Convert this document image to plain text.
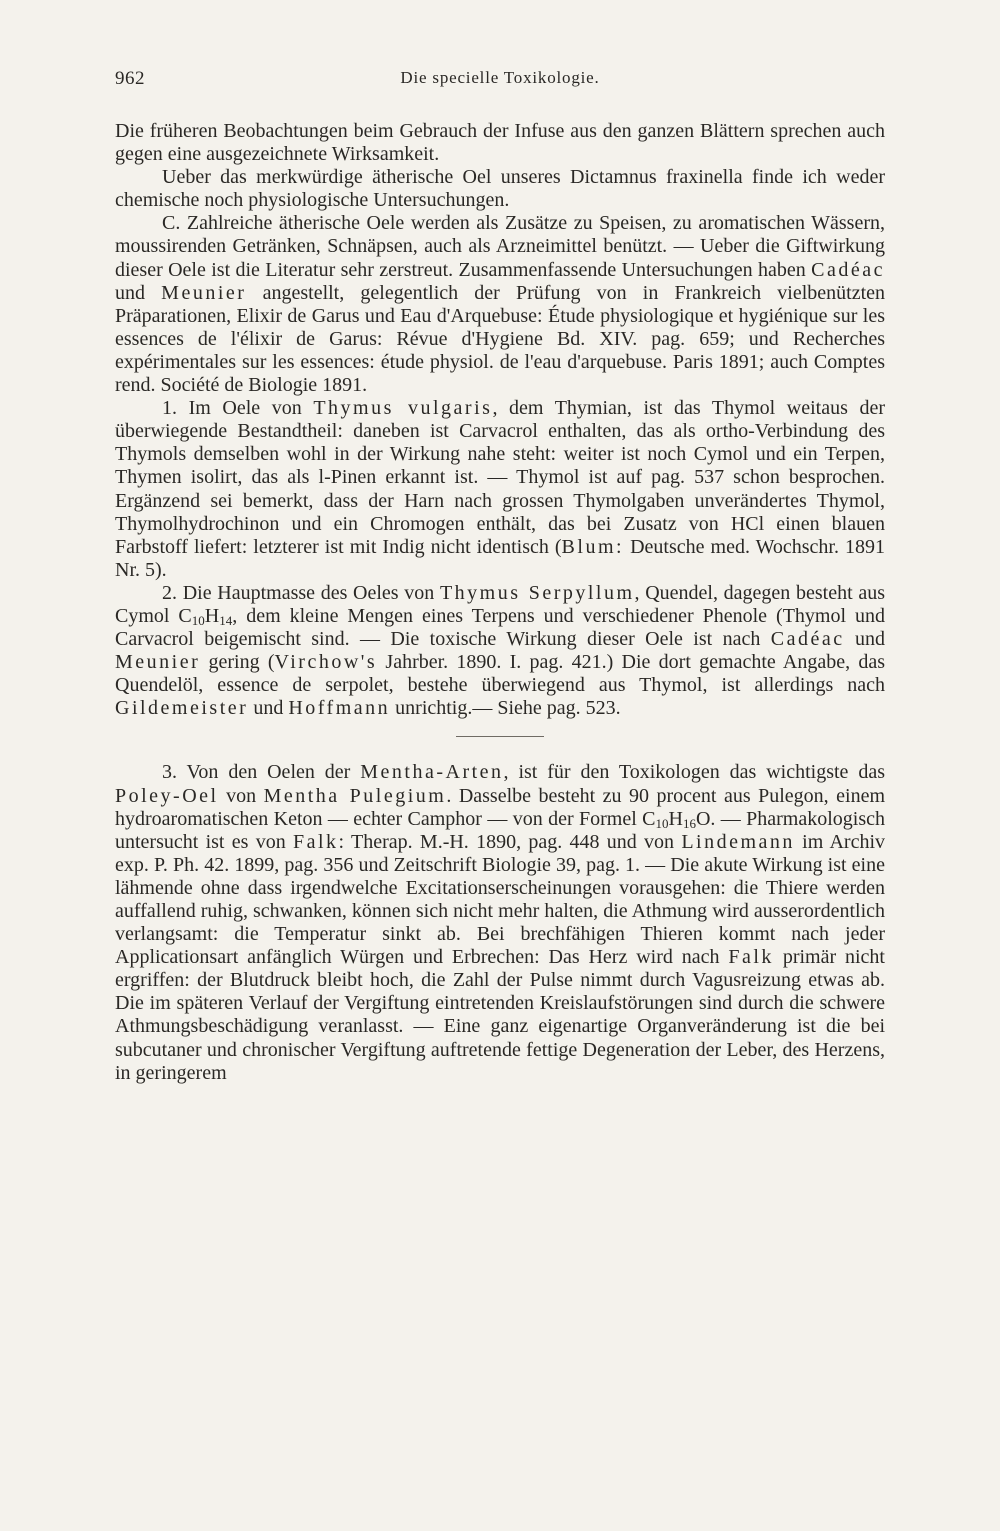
962	Die specielle Toxikologie.

Die früheren Beobachtungen beim Gebrauch der Infuse aus den ganzen Blättern sprechen auch gegen eine ausgezeichnete Wirksamkeit.

Ueber das merkwürdige ätherische Oel unseres Dictamnus fraxinella finde ich weder chemische noch physiologische Untersuchungen.

C. Zahlreiche ätherische Oele werden als Zusätze zu Speisen, zu aromatischen Wässern, moussirenden Getränken, Schnäpsen, auch als Arzneimittel benützt. — Ueber die Giftwirkung dieser Oele ist die Literatur sehr zerstreut. Zusammenfassende Untersuchungen haben Cadéac und Meunier angestellt, gelegentlich der Prüfung von in Frankreich vielbenützten Präparationen, Elixir de Garus und Eau d'Arquebuse: Étude physiologique et hygiénique sur les essences de l'élixir de Garus: Révue d'Hygiene Bd. XIV. pag. 659; und Recherches expérimentales sur les essences: étude physiol. de l'eau d'arquebuse. Paris 1891; auch Comptes rend. Société de Biologie 1891.

1. Im Oele von Thymus vulgaris, dem Thymian, ist das Thymol weitaus der überwiegende Bestandtheil: daneben ist Carvacrol enthalten, das als ortho-Verbindung des Thymols demselben wohl in der Wirkung nahe steht: weiter ist noch Cymol und ein Terpen, Thymen isolirt, das als l-Pinen erkannt ist. — Thymol ist auf pag. 537 schon besprochen. Ergänzend sei bemerkt, dass der Harn nach grossen Thymolgaben unverändertes Thymol, Thymolhydrochinon und ein Chromogen enthält, das bei Zusatz von HCl einen blauen Farbstoff liefert: letzterer ist mit Indig nicht identisch (Blum: Deutsche med. Wochschr. 1891 Nr. 5).

2. Die Hauptmasse des Oeles von Thymus Serpyllum, Quendel, dagegen besteht aus Cymol $C_{10}H_{14}$, dem kleine Mengen eines Terpens und verschiedener Phenole (Thymol und Carvacrol beigemischt sind. — Die toxische Wirkung dieser Oele ist nach Cadéac und Meunier gering (Virchow's Jahrber. 1890. I. pag. 421.) Die dort gemachte Angabe, das Quendelöl, essence de serpolet, bestehe überwiegend aus Thymol, ist allerdings nach Gildemeister und Hoffmann unrichtig.— Siehe pag. 523.

3. Von den Oelen der Mentha-Arten, ist für den Toxikologen das wichtigste das Poley-Oel von Mentha Pulegium. Dasselbe besteht zu 90 procent aus Pulegon, einem hydroaromatischen Keton — echter Camphor — von der Formel $C_{10}H_{16}O$. — Pharmakologisch untersucht ist es von Falk: Therap. M.-H. 1890, pag. 448 und von Lindemann im Archiv exp. P. Ph. 42. 1899, pag. 356 und Zeitschrift Biologie 39, pag. 1. — Die akute Wirkung ist eine lähmende ohne dass irgendwelche Excitationserscheinungen vorausgehen: die Thiere werden auffallend ruhig, schwanken, können sich nicht mehr halten, die Athmung wird ausserordentlich verlangsamt: die Temperatur sinkt ab. Bei brechfähigen Thieren kommt nach jeder Applicationsart anfänglich Würgen und Erbrechen: Das Herz wird nach Falk primär nicht ergriffen: der Blutdruck bleibt hoch, die Zahl der Pulse nimmt durch Vagusreizung etwas ab. Die im späteren Verlauf der Vergiftung eintretenden Kreislaufstörungen sind durch die schwere Athmungsbeschädigung veranlasst. — Eine ganz eigenartige Organveränderung ist die bei subcutaner und chronischer Vergiftung auftretende fettige Degeneration der Leber, des Herzens, in geringerem
